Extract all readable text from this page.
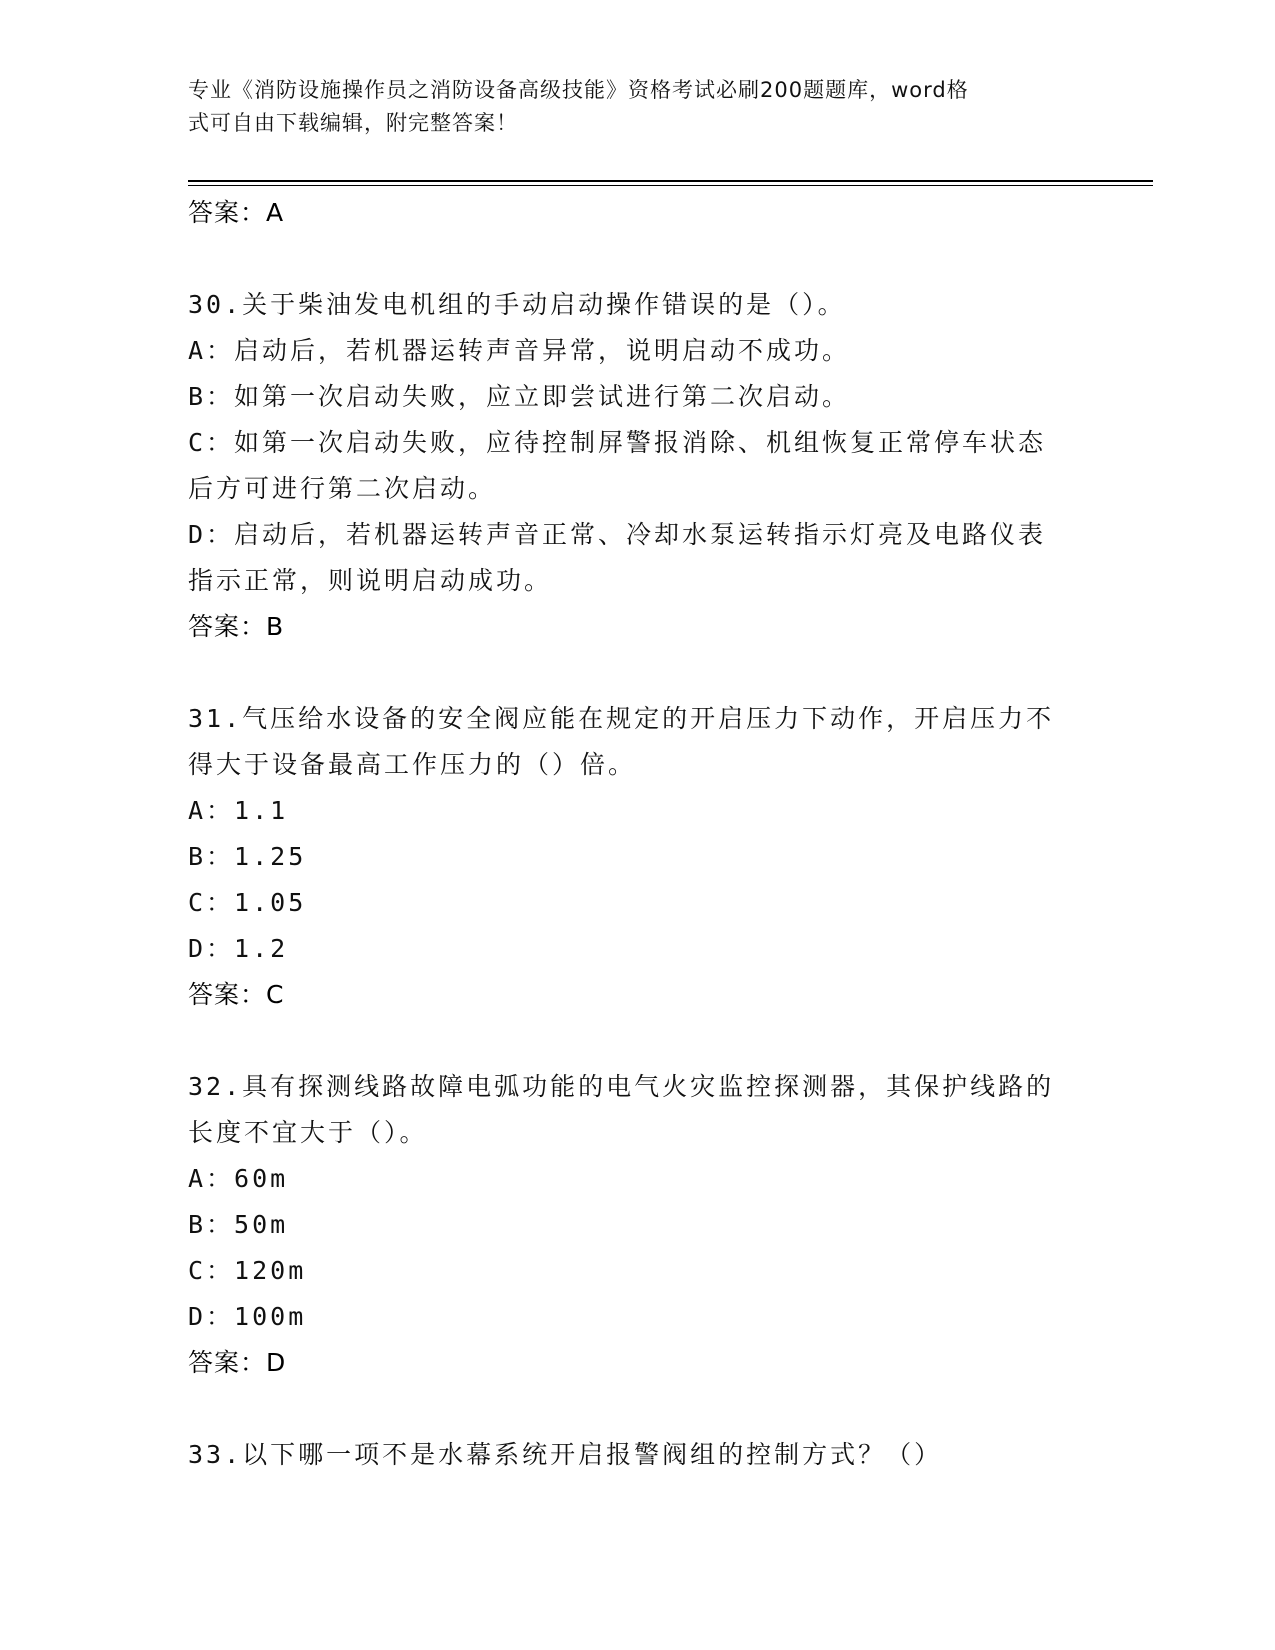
专业《消防设施操作员之消防设备高级技能》资格考试必刷200题题库，word格
式可自由下载编辑，附完整答案！
答案：A
30.关于柴油发电机组的手动启动操作错误的是（）。
A：启动后，若机器运转声音异常，说明启动不成功。
B：如第一次启动失败，应立即尝试进行第二次启动。
C：如第一次启动失败，应待控制屏警报消除、机组恢复正常停车状态
后方可进行第二次启动。
D：启动后，若机器运转声音正常、冷却水泵运转指示灯亮及电路仪表
指示正常，则说明启动成功。
答案：B
31.气压给水设备的安全阀应能在规定的开启压力下动作，开启压力不
得大于设备最高工作压力的（）倍。
A：1.1
B：1.25
C：1.05
D：1.2
答案：C
32.具有探测线路故障电弧功能的电气火灾监控探测器，其保护线路的
长度不宜大于（）。
A：60m
B：50m
C：120m
D：100m
答案：D
33.以下哪一项不是水幕系统开启报警阀组的控制方式？（）
